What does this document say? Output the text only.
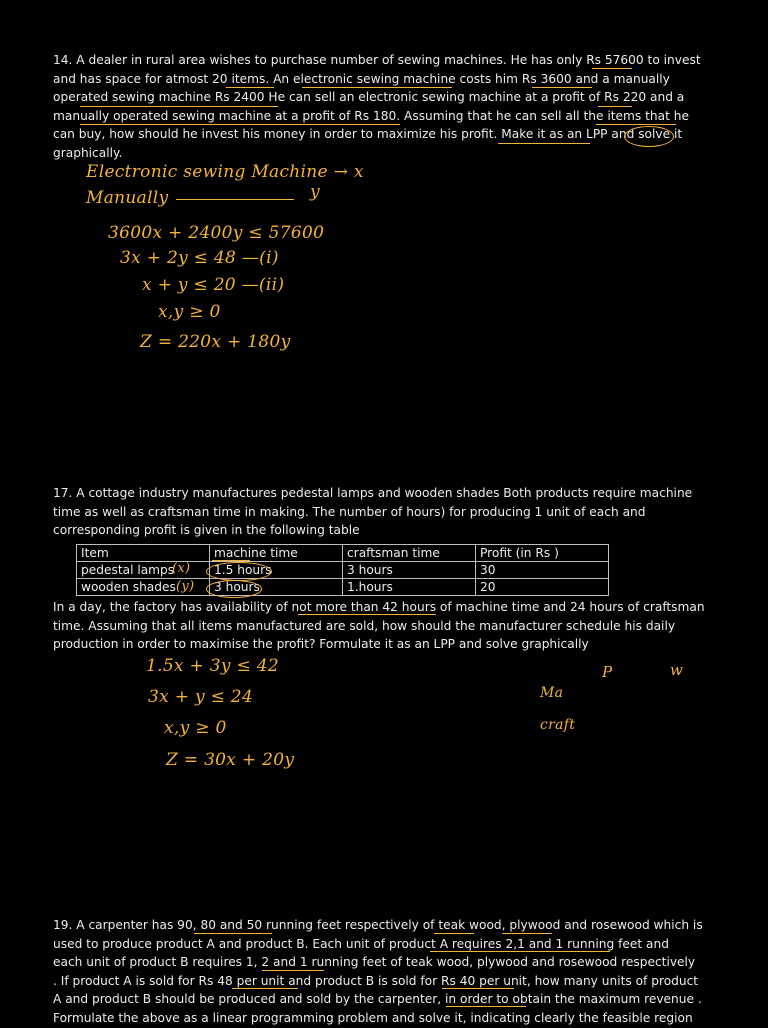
14. A dealer in rural area wishes to purchase number of sewing machines. He has only Rs 57600 to invest

and has space for atmost 20 items. An electronic sewing machine costs him Rs 3600 and a manually

operated sewing machine Rs 2400 He can sell an electronic sewing machine at a profit of Rs 220 and a

manually operated sewing machine at a profit of Rs 180. Assuming that he can sell all the items that he

can buy, how should he invest his money in order to maximize his profit. Make it as an LPP and solve it

graphically.

Electronic sewing Machine → x
Manually	y
3600x + 2400y ≤ 57600
3x + 2y ≤ 48 —(i)
x + y ≤ 20 —(ii)
x,y ≥ 0
Z = 220x + 180y

17. A cottage industry manufactures pedestal lamps and wooden shades Both products require machine

time as well as craftsman time in making. The number of hours) for producing 1 unit of each and

corresponding profit is given in the following table

Item	machine time	craftsman time	Profit (in Rs )
pedestal lamps	1.5 hours	3 hours	30
wooden shades	3 hours	1.hours	20
(x)
(y)

In a day, the factory has availability of not more than 42 hours of machine time and 24 hours of craftsman

time. Assuming that all items manufactured are sold, how should the manufacturer schedule his daily

production in order to maximise the profit? Formulate it as an LPP and solve graphically

1.5x + 3y ≤ 42
3x + y ≤ 24
x,y ≥ 0
Z = 30x + 20y
P	w
Ma
craft

19. A carpenter has 90, 80 and 50 running feet respectively of teak wood, plywood and rosewood which is

used to produce product A and product B. Each unit of product A requires 2,1 and 1 running feet and

each unit of product B requires 1, 2 and 1 running feet of teak wood, plywood and rosewood respectively

. If product A is sold for Rs 48 per unit and product B is sold for Rs 40 per unit, how many units of product

A and product B should be produced and sold by the carpenter, in order to obtain the maximum revenue .

Formulate the above as a linear programming problem and solve it, indicating clearly the feasible region
